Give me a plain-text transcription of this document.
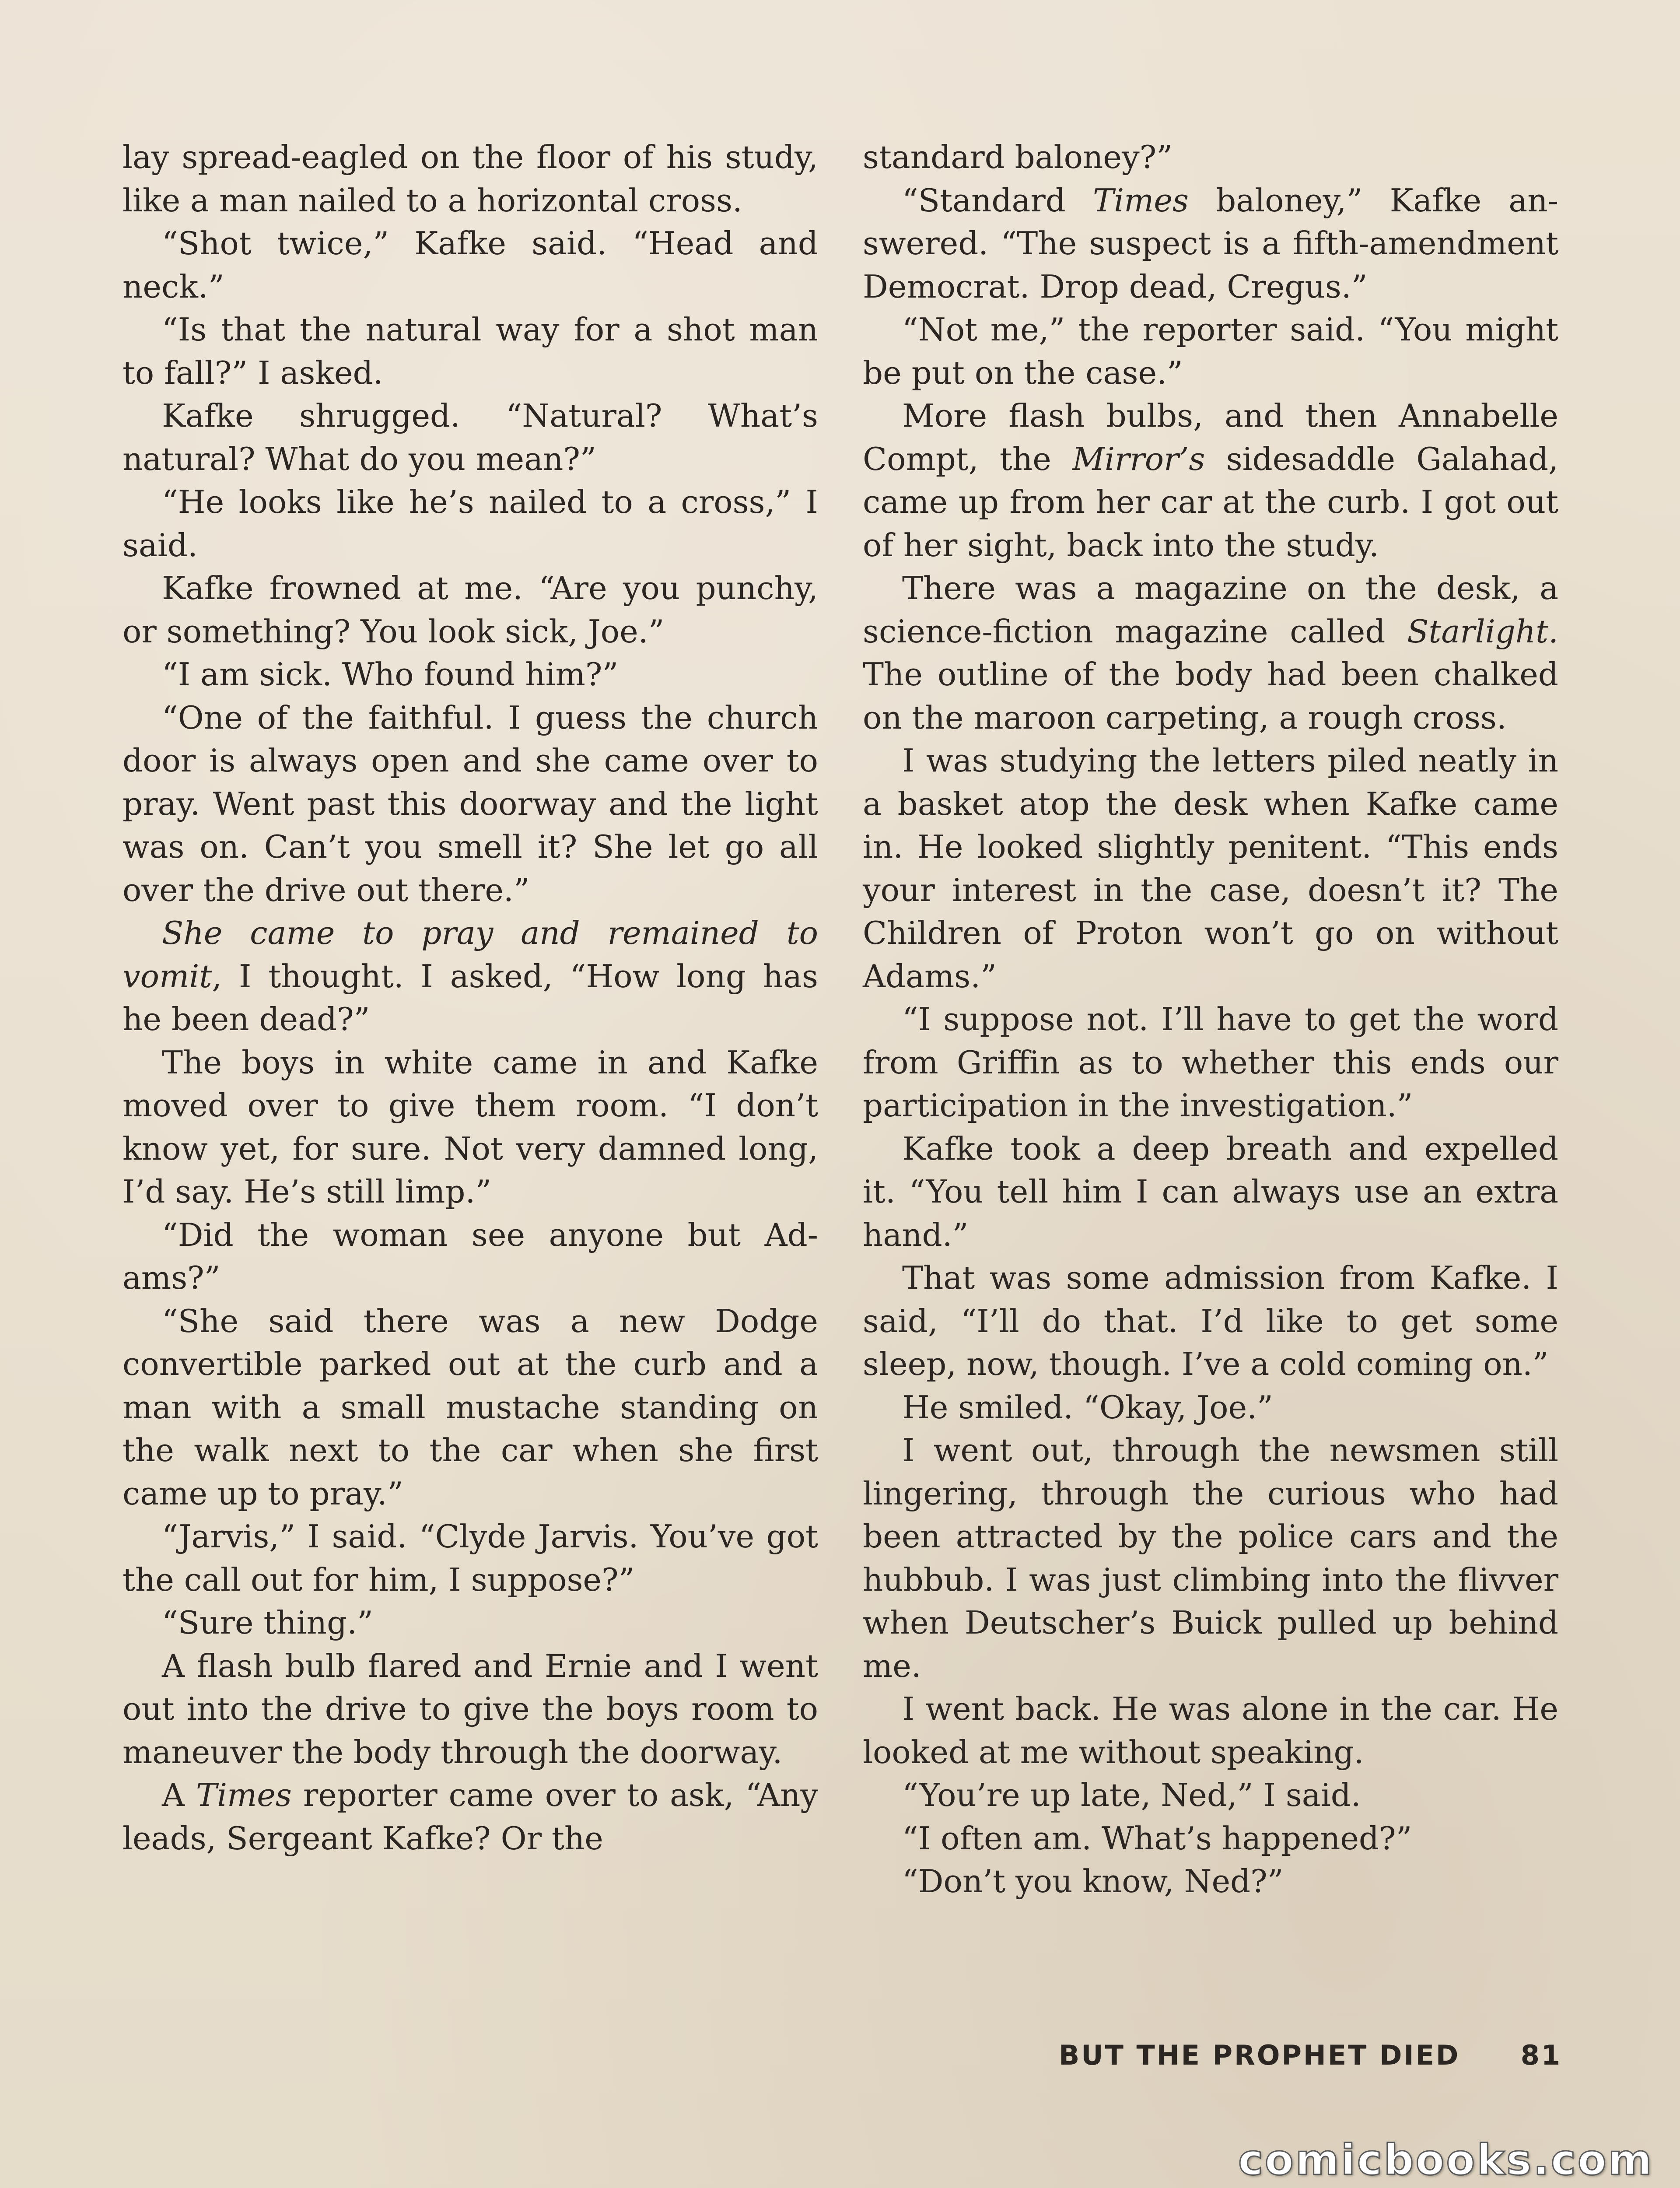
lay spread-eagled on the floor of his study, like a man nailed to a horizontal cross.

“Shot twice,” Kafke said. “Head and neck.”

“Is that the natural way for a shot man to fall?” I asked.

Kafke shrugged. “Natural? What’s natural? What do you mean?”

“He looks like he’s nailed to a cross,” I said.

Kafke frowned at me. “Are you punchy, or something? You look sick, Joe.”

“I am sick. Who found him?”

“One of the faithful. I guess the church door is always open and she came over to pray. Went past this doorway and the light was on. Can’t you smell it? She let go all over the drive out there.”

She came to pray and remained to vomit, I thought. I asked, “How long has he been dead?”

The boys in white came in and Kafke moved over to give them room. “I don’t know yet, for sure. Not very damned long, I’d say. He’s still limp.”

“Did the woman see anyone but Adams?”

“She said there was a new Dodge convertible parked out at the curb and a man with a small mustache standing on the walk next to the car when she first came up to pray.”

“Jarvis,” I said. “Clyde Jarvis. You’ve got the call out for him, I suppose?”

“Sure thing.”

A flash bulb flared and Ernie and I went out into the drive to give the boys room to maneuver the body through the doorway.

A Times reporter came over to ask, “Any leads, Sergeant Kafke? Or the

standard baloney?”

“Standard Times baloney,” Kafke answered. “The suspect is a fifth-amendment Democrat. Drop dead, Cregus.”

“Not me,” the reporter said. “You might be put on the case.”

More flash bulbs, and then Annabelle Compt, the Mirror’s sidesaddle Galahad, came up from her car at the curb. I got out of her sight, back into the study.

There was a magazine on the desk, a science-fiction magazine called Starlight. The outline of the body had been chalked on the maroon carpeting, a rough cross.

I was studying the letters piled neatly in a basket atop the desk when Kafke came in. He looked slightly penitent. “This ends your interest in the case, doesn’t it? The Children of Proton won’t go on without Adams.”

“I suppose not. I’ll have to get the word from Griffin as to whether this ends our participation in the investigation.”

Kafke took a deep breath and expelled it. “You tell him I can always use an extra hand.”

That was some admission from Kafke. I said, “I’ll do that. I’d like to get some sleep, now, though. I’ve a cold coming on.”

He smiled. “Okay, Joe.”

I went out, through the newsmen still lingering, through the curious who had been attracted by the police cars and the hubbub. I was just climbing into the flivver when Deutscher’s Buick pulled up behind me.

I went back. He was alone in the car. He looked at me without speaking.

“You’re up late, Ned,” I said.

“I often am. What’s happened?”

“Don’t you know, Ned?”

BUT THE PROPHET DIED 81
comicbooks.com
